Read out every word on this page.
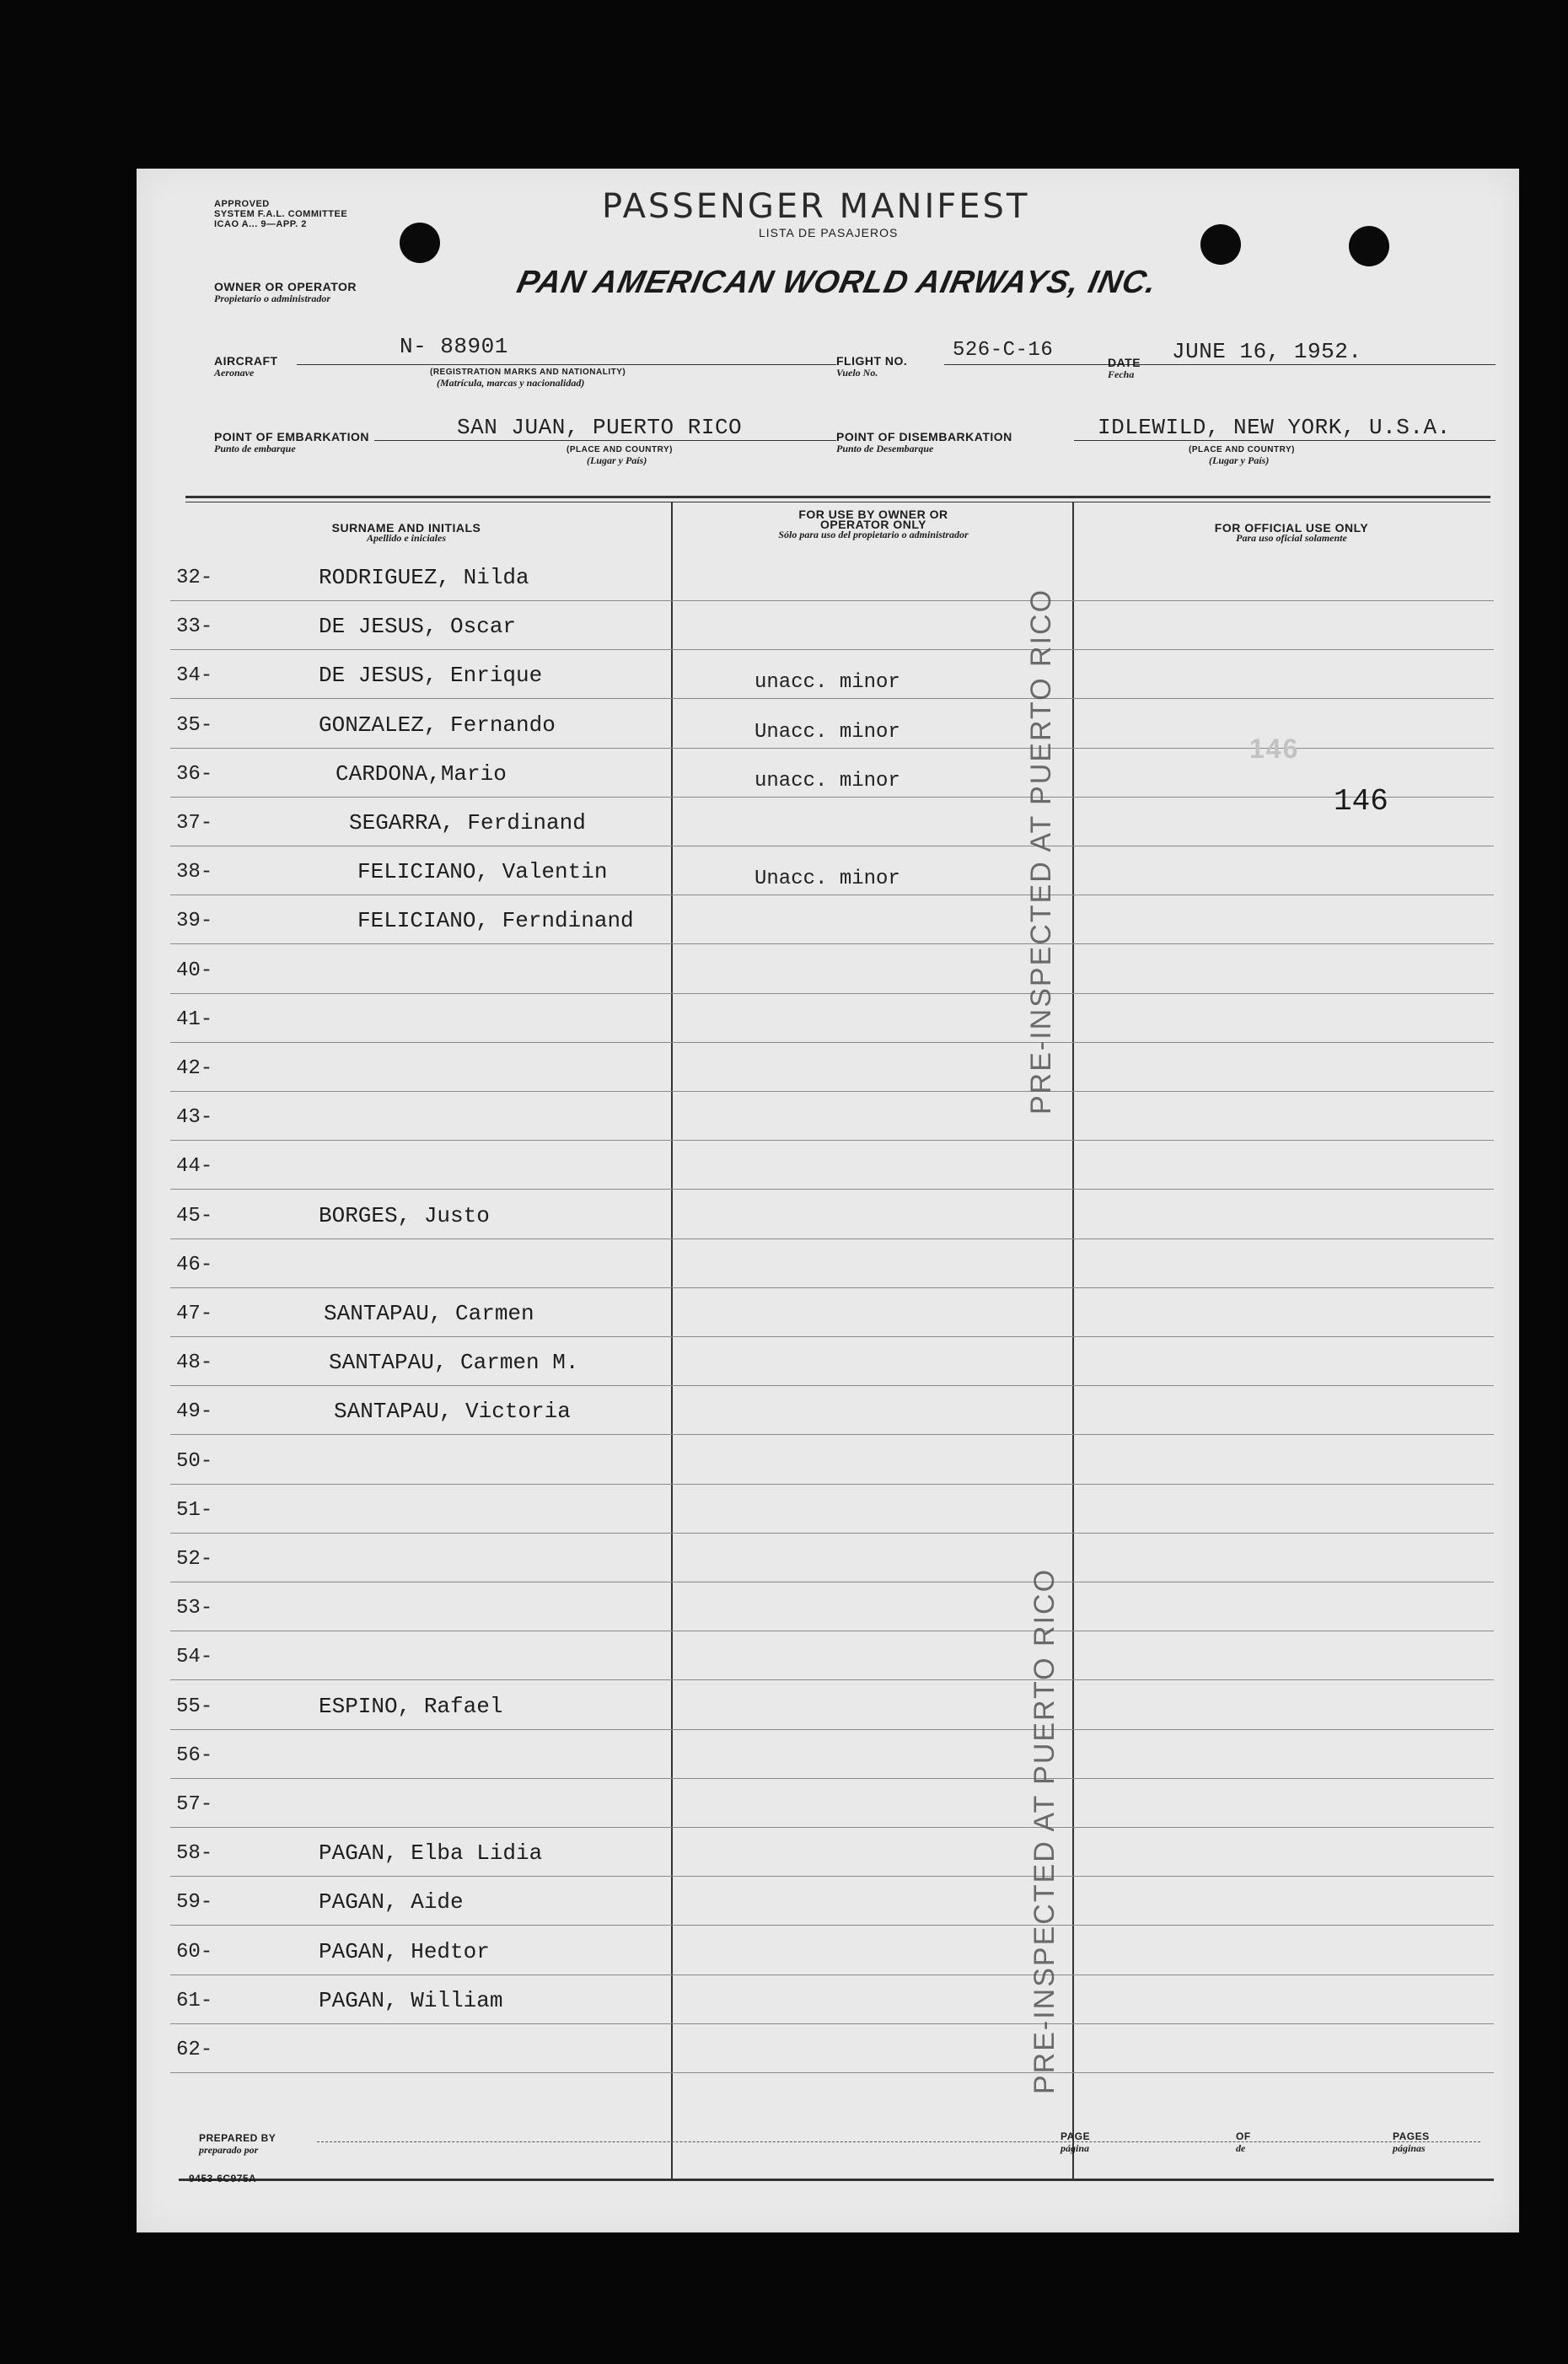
APPROVED
SYSTEM F.A.L. COMMITTEE
ICAO A... 9—APP. 2	PASSENGER MANIFEST
LISTA DE PASAJEROS
OWNER OR OPERATOR
Propietario o administrador	PAN AMERICAN WORLD AIRWAYS, INC.
AIRCRAFT
Aeronave
N- 88901
(REGISTRATION MARKS AND NATIONALITY)
(Matrícula, marcas y nacionalidad)
FLIGHT NO.
Vuelo No.
526-C-16
DATE
Fecha
JUNE 16, 1952.
POINT OF EMBARKATION
Punto de embarque
SAN JUAN, PUERTO RICO
(PLACE AND COUNTRY)
(Lugar y País)
POINT OF DISEMBARKATION
Punto de Desembarque
IDLEWILD, NEW YORK, U.S.A.
(PLACE AND COUNTRY)
(Lugar y País)
SURNAME AND INITIALS
Apellido e iniciales
FOR USE BY OWNER OR OPERATOR ONLY
Sólo para uso del propietario o administrador	FOR OFFICIAL USE ONLY
Para uso oficial solamente
32-	RODRIGUEZ, Nilda
33-	DE JESUS, Oscar
34-	DE JESUS, Enrique	unacc. minor
35-	GONZALEZ, Fernando	Unacc. minor
36-	CARDONA,Mario	unacc. minor
37-	SEGARRA, Ferdinand
38-	FELICIANO, Valentin	Unacc. minor
39-	FELICIANO, Ferndinand
40-
41-
42-
43-
44-
45-	BORGES, Justo
46-
47-	SANTAPAU, Carmen
48-	SANTAPAU, Carmen M.
49-	SANTAPAU, Victoria
50-
51-
52-
53-
54-
55-	ESPINO, Rafael
56-
57-
58-	PAGAN, Elba Lidia
59-	PAGAN, Aide
60-	PAGAN, Hedtor
61-	PAGAN, William
62-
146
146
PRE-INSPECTED AT PUERTO RICO
PRE-INSPECTED AT PUERTO RICO
PREPARED BY
preparado por
PAGE
página
OF
de
PAGES
páginas
9453-6C975A
